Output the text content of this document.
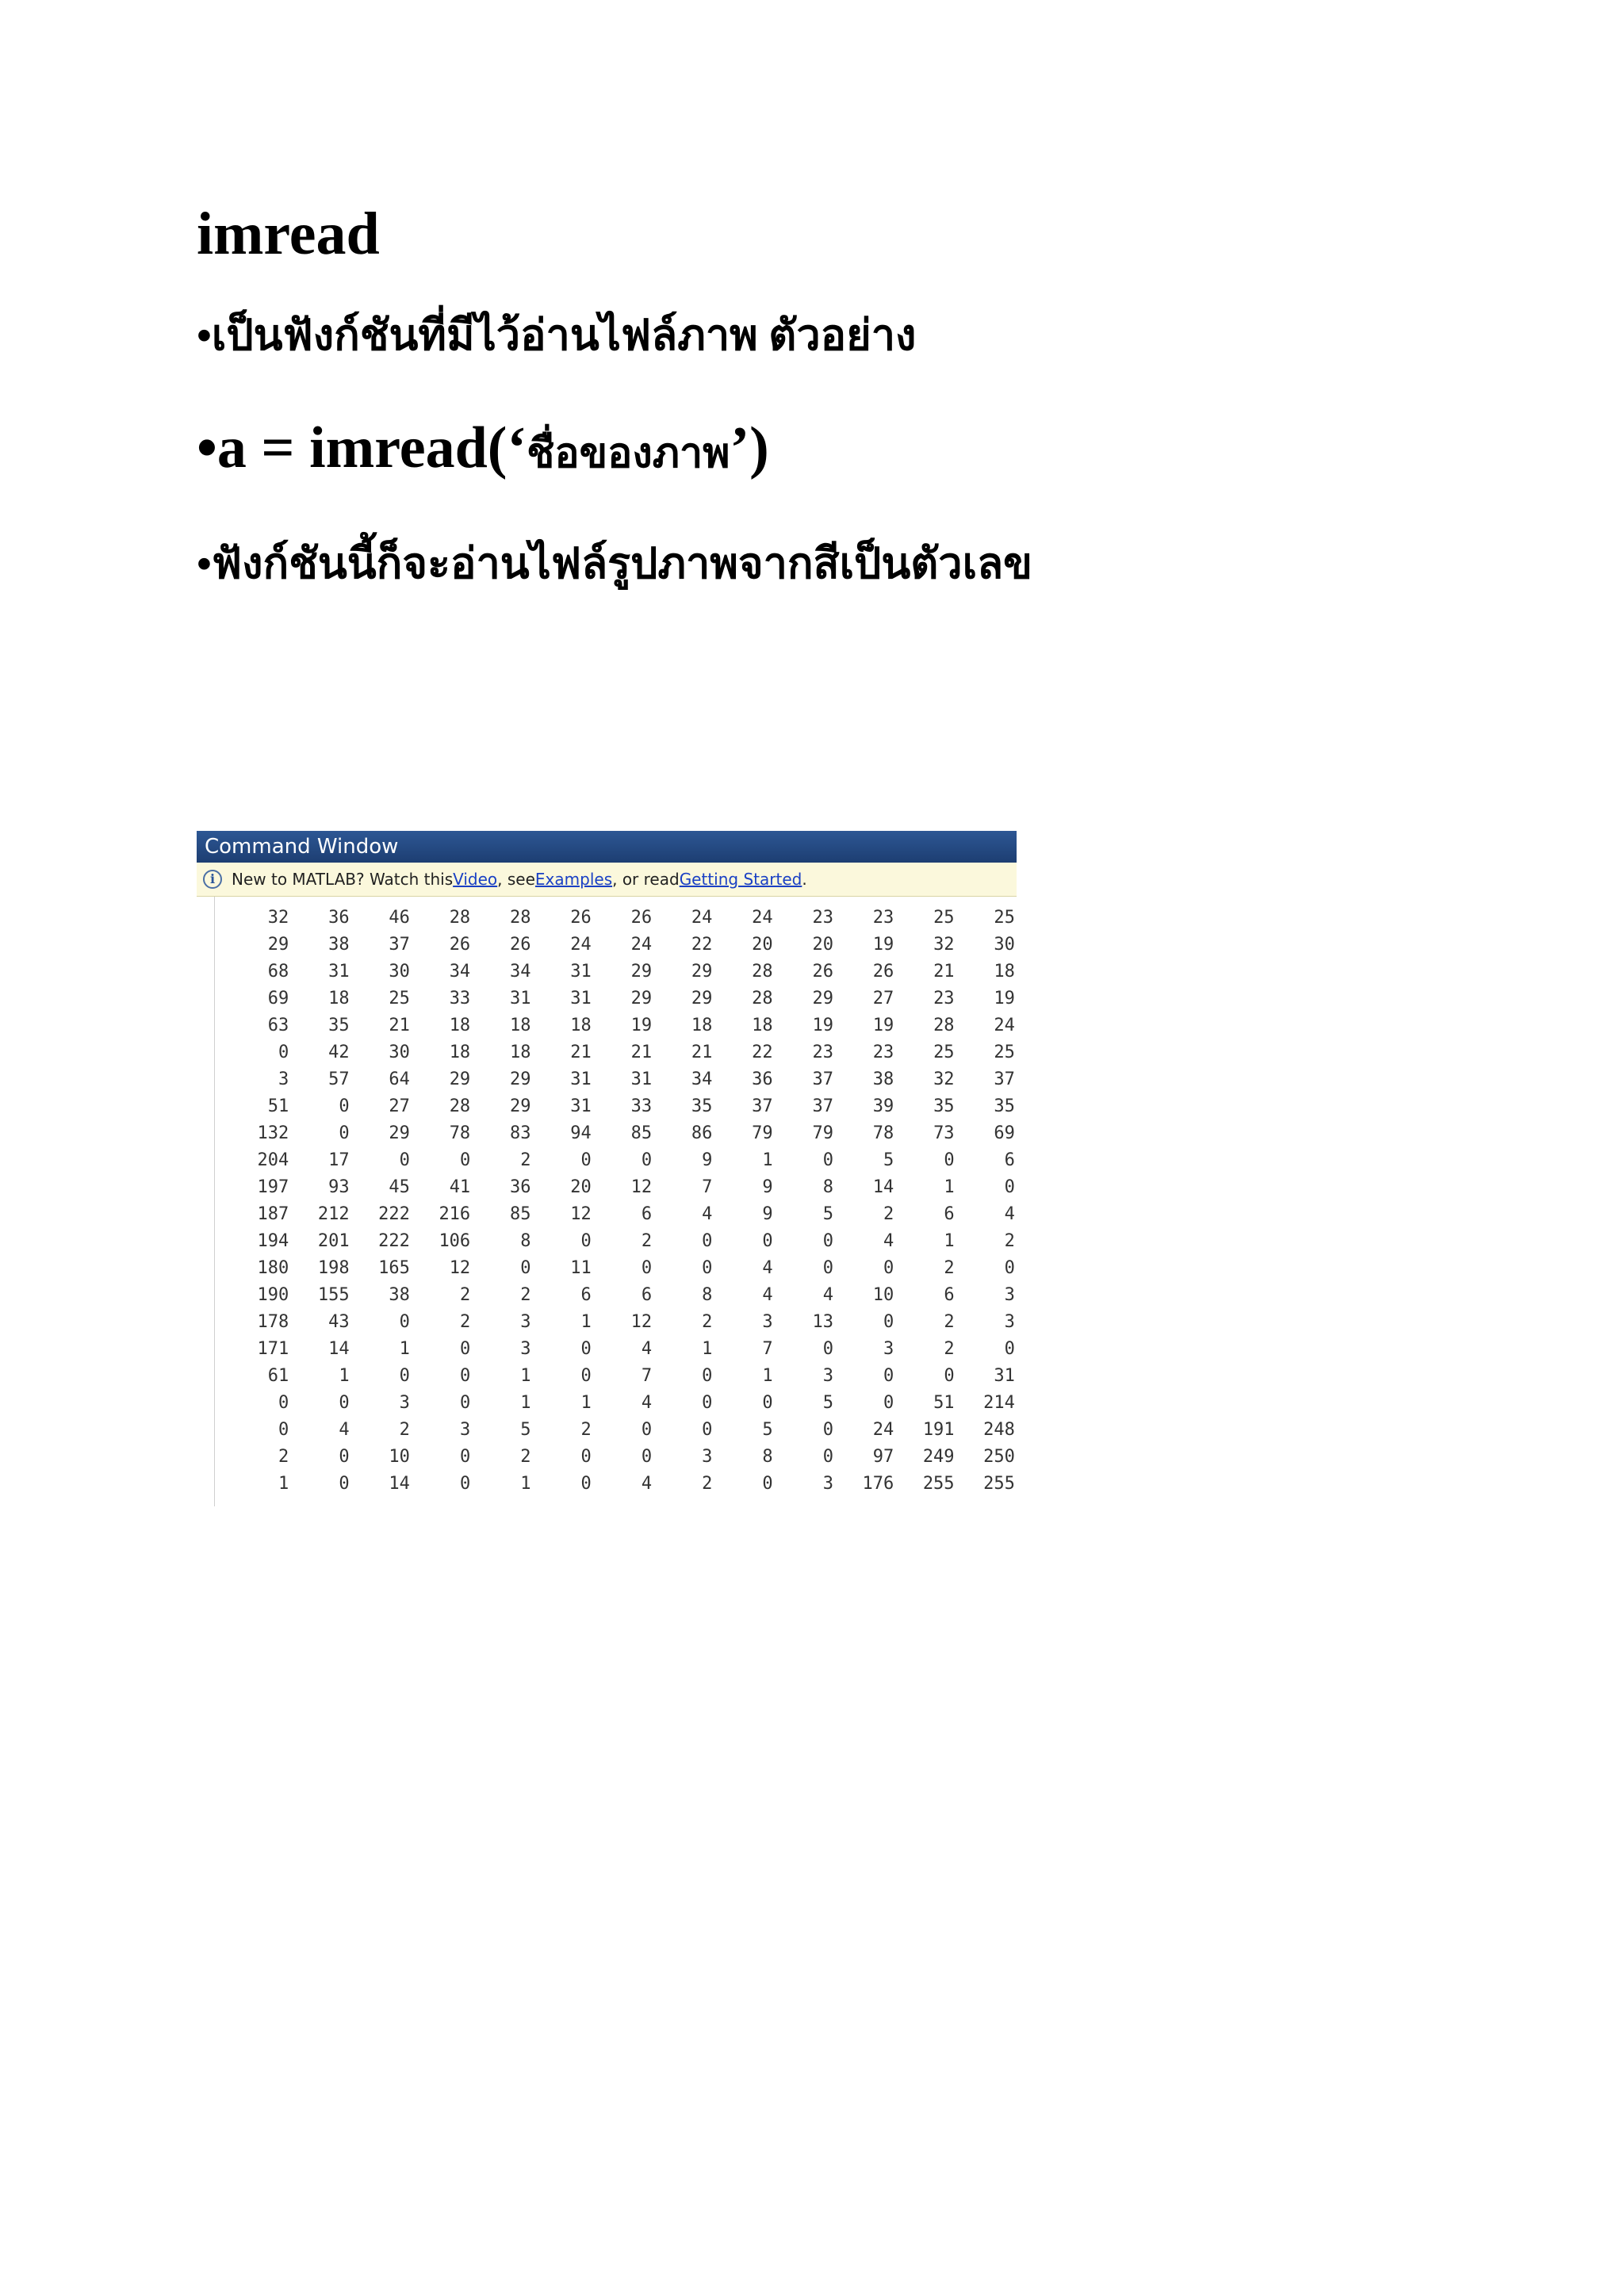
imread

•เป็นฟังก์ชันที่มีไว้อ่านไฟล์ภาพ ตัวอย่าง

•a = imread(‘ชื่อของภาพ’)

•ฟังก์ชันนี้ก็จะอ่านไฟล์รูปภาพจากสีเป็นตัวเลข

Command Window
i	New to MATLAB? Watch this Video , see Examples , or read Getting Started .
32	36	46	28	28	26	26	24	24	23	23	25	25
29	38	37	26	26	24	24	22	20	20	19	32	30
68	31	30	34	34	31	29	29	28	26	26	21	18
69	18	25	33	31	31	29	29	28	29	27	23	19
63	35	21	18	18	18	19	18	18	19	19	28	24
0	42	30	18	18	21	21	21	22	23	23	25	25
3	57	64	29	29	31	31	34	36	37	38	32	37
51	0	27	28	29	31	33	35	37	37	39	35	35
132	0	29	78	83	94	85	86	79	79	78	73	69
204	17	0	0	2	0	0	9	1	0	5	0	6
197	93	45	41	36	20	12	7	9	8	14	1	0
187	212	222	216	85	12	6	4	9	5	2	6	4
194	201	222	106	8	0	2	0	0	0	4	1	2
180	198	165	12	0	11	0	0	4	0	0	2	0
190	155	38	2	2	6	6	8	4	4	10	6	3
178	43	0	2	3	1	12	2	3	13	0	2	3
171	14	1	0	3	0	4	1	7	0	3	2	0
61	1	0	0	1	0	7	0	1	3	0	0	31
0	0	3	0	1	1	4	0	0	5	0	51	214
0	4	2	3	5	2	0	0	5	0	24	191	248
2	0	10	0	2	0	0	3	8	0	97	249	250
1	0	14	0	1	0	4	2	0	3	176	255	255
